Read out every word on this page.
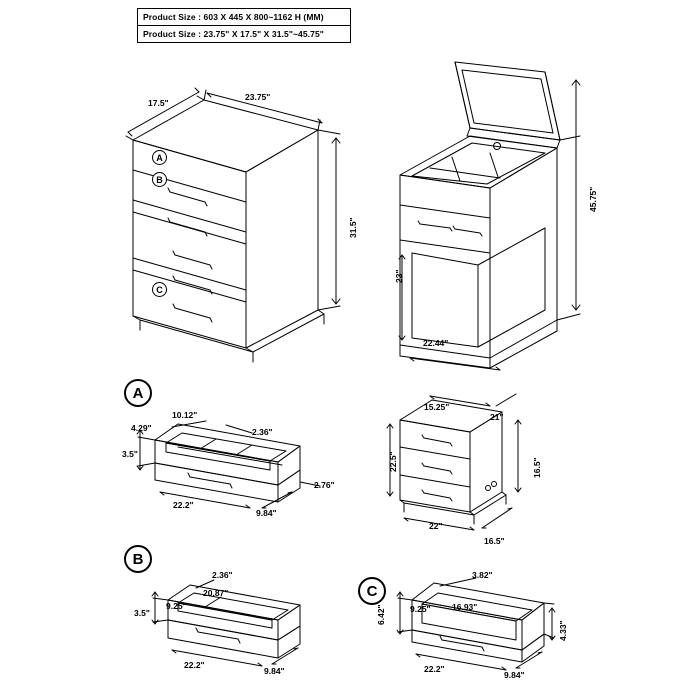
Product Size : 603 X 445 X 800~1162 H (MM)
Product Size : 23.75" X 17.5" X 31.5"~45.75"
A
B
C
A
B
C
17.5"
23.75"
31.5"
45.75"
23"
22.44"
10.12"
4.29"	2.36"
3.5"
22.2"
9.84"
2.76"
15.25"
21"
22.5"	16.5"
22"
16.5"
2.36"
9.25"
20.87"
3.5"
22.2"
9.84"
3.82"
6.42"	9.25"	16.93"
4.33"
22.2"
9.84"
